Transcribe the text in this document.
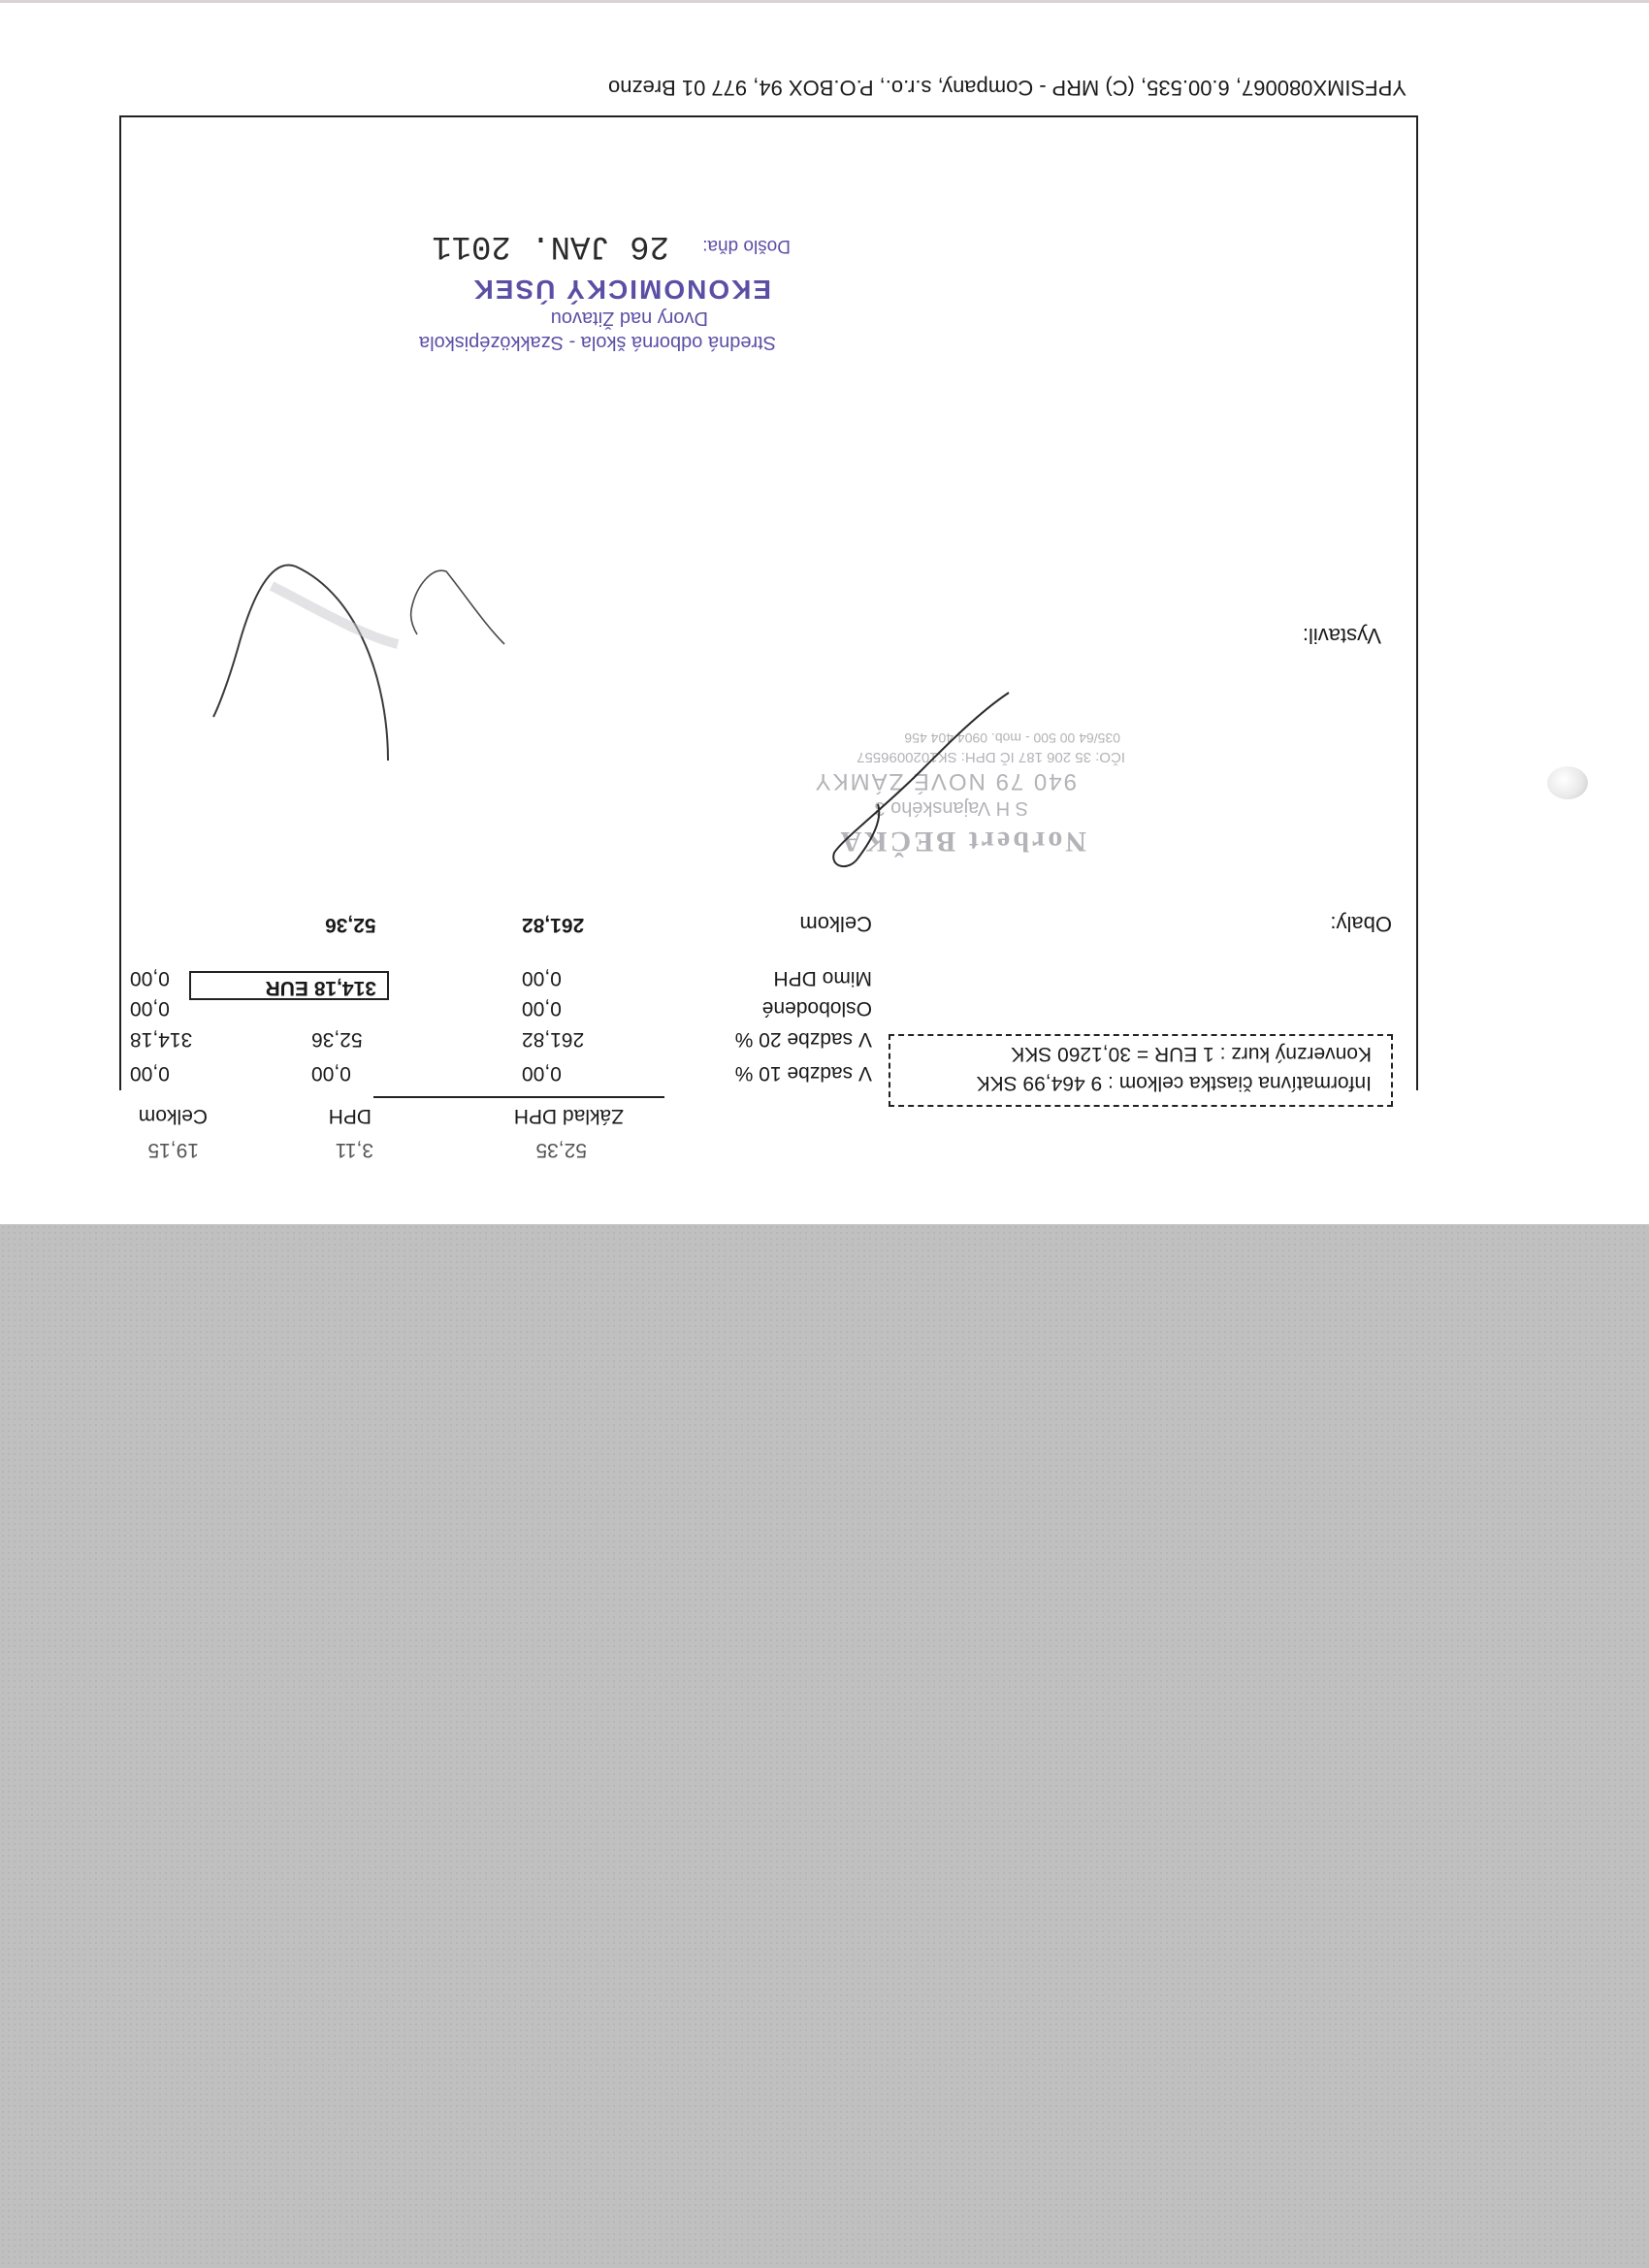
YPFSIMX080067, 6.00.535, (C) MRP - Company, s.r.o., P.O.BOX 94, 977 01 Brezno
Informatívna čiastka celkom : 9 464,99 SKK
Konverzný kurz : 1 EUR = 30,1260 SKK
Základ DPH
DPH
Celkom
V sadzbe 10 %
0,00
0,00
0,00
V sadzbe 20 %
261,82
52,36
314,18
Oslobodené
0,00
0,00
Mimo DPH
0,00
0,00
Celkom
261,82
52,36
314,18 EUR
Obaly:
Vystavil:
Norbert BEČKA
S H Vajanského 3
940 79 NOVÉ ZÁMKY
IČO: 35 206 187 IČ DPH: SK1020096557
035/64 00 500 - mob. 0904 404 456
Stredná odborná škola - Szakközépiskola
Dvory nad Žitavou
EKONOMICKÝ ÚSEK
Došlo dňa:
26 JAN. 2011
52,35
3,11
19,15
